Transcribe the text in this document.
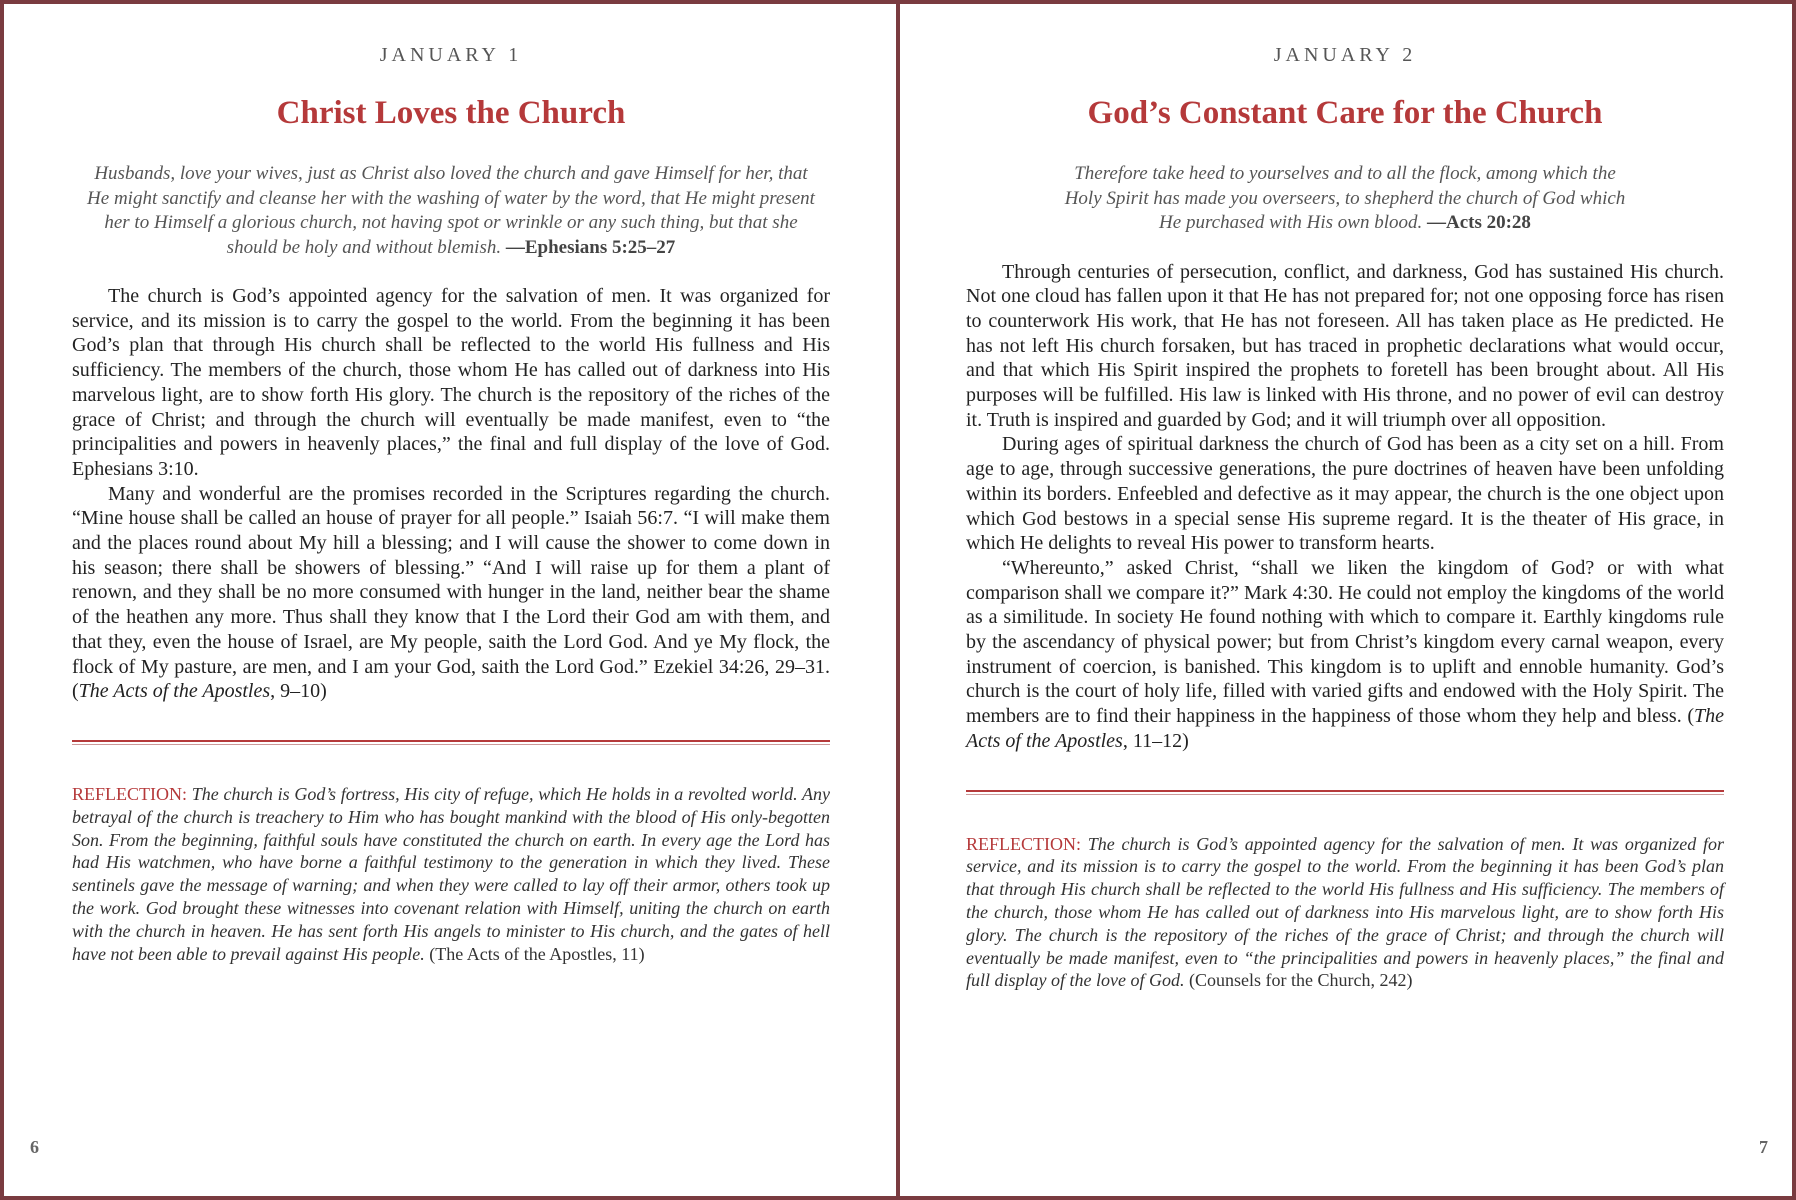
JANUARY 1
Christ Loves the Church
Husbands, love your wives, just as Christ also loved the church and gave Himself for her, that He might sanctify and cleanse her with the washing of water by the word, that He might present her to Himself a glorious church, not having spot or wrinkle or any such thing, but that she should be holy and without blemish. —Ephesians 5:25–27

The church is God’s appointed agency for the salvation of men. It was organized for service, and its mission is to carry the gospel to the world. From the beginning it has been God’s plan that through His church shall be reflected to the world His fullness and His sufficiency. The members of the church, those whom He has called out of darkness into His marvelous light, are to show forth His glory. The church is the repository of the riches of the grace of Christ; and through the church will eventually be made manifest, even to “the principalities and powers in heavenly places,” the final and full display of the love of God. Ephesians 3:10.

Many and wonderful are the promises recorded in the Scriptures regarding the church. “Mine house shall be called an house of prayer for all people.” Isaiah 56:7. “I will make them and the places round about My hill a blessing; and I will cause the shower to come down in his season; there shall be showers of blessing.” “And I will raise up for them a plant of renown, and they shall be no more consumed with hunger in the land, neither bear the shame of the heathen any more. Thus shall they know that I the Lord their God am with them, and that they, even the house of Israel, are My people, saith the Lord God. And ye My flock, the flock of My pasture, are men, and I am your God, saith the Lord God.” Ezekiel 34:26, 29–31. (The Acts of the Apostles, 9–10)

REFLECTION: The church is God’s fortress, His city of refuge, which He holds in a revolted world. Any betrayal of the church is treachery to Him who has bought mankind with the blood of His only-begotten Son. From the beginning, faithful souls have constituted the church on earth. In every age the Lord has had His watchmen, who have borne a faithful testimony to the generation in which they lived. These sentinels gave the message of warning; and when they were called to lay off their armor, others took up the work. God brought these witnesses into covenant relation with Himself, uniting the church on earth with the church in heaven. He has sent forth His angels to minister to His church, and the gates of hell have not been able to prevail against His people. (The Acts of the Apostles, 11)
6
JANUARY 2
God’s Constant Care for the Church
Therefore take heed to yourselves and to all the flock, among which the Holy Spirit has made you overseers, to shepherd the church of God which He purchased with His own blood. —Acts 20:28

Through centuries of persecution, conflict, and darkness, God has sustained His church. Not one cloud has fallen upon it that He has not prepared for; not one opposing force has risen to counterwork His work, that He has not foreseen. All has taken place as He predicted. He has not left His church forsaken, but has traced in prophetic declarations what would occur, and that which His Spirit inspired the prophets to foretell has been brought about. All His purposes will be fulfilled. His law is linked with His throne, and no power of evil can destroy it. Truth is inspired and guarded by God; and it will triumph over all opposition.

During ages of spiritual darkness the church of God has been as a city set on a hill. From age to age, through successive generations, the pure doctrines of heaven have been unfolding within its borders. Enfeebled and defective as it may appear, the church is the one object upon which God bestows in a special sense His supreme regard. It is the theater of His grace, in which He delights to reveal His power to transform hearts.

“Whereunto,” asked Christ, “shall we liken the kingdom of God? or with what comparison shall we compare it?” Mark 4:30. He could not employ the kingdoms of the world as a similitude. In society He found nothing with which to compare it. Earthly kingdoms rule by the ascendancy of physical power; but from Christ’s kingdom every carnal weapon, every instrument of coercion, is banished. This kingdom is to uplift and ennoble humanity. God’s church is the court of holy life, filled with varied gifts and endowed with the Holy Spirit. The members are to find their happiness in the happiness of those whom they help and bless. (The Acts of the Apostles, 11–12)

REFLECTION: The church is God’s appointed agency for the salvation of men. It was organized for service, and its mission is to carry the gospel to the world. From the beginning it has been God’s plan that through His church shall be reflected to the world His fullness and His sufficiency. The members of the church, those whom He has called out of darkness into His marvelous light, are to show forth His glory. The church is the repository of the riches of the grace of Christ; and through the church will eventually be made manifest, even to “the principalities and powers in heavenly places,” the final and full display of the love of God. (Counsels for the Church, 242)
7
